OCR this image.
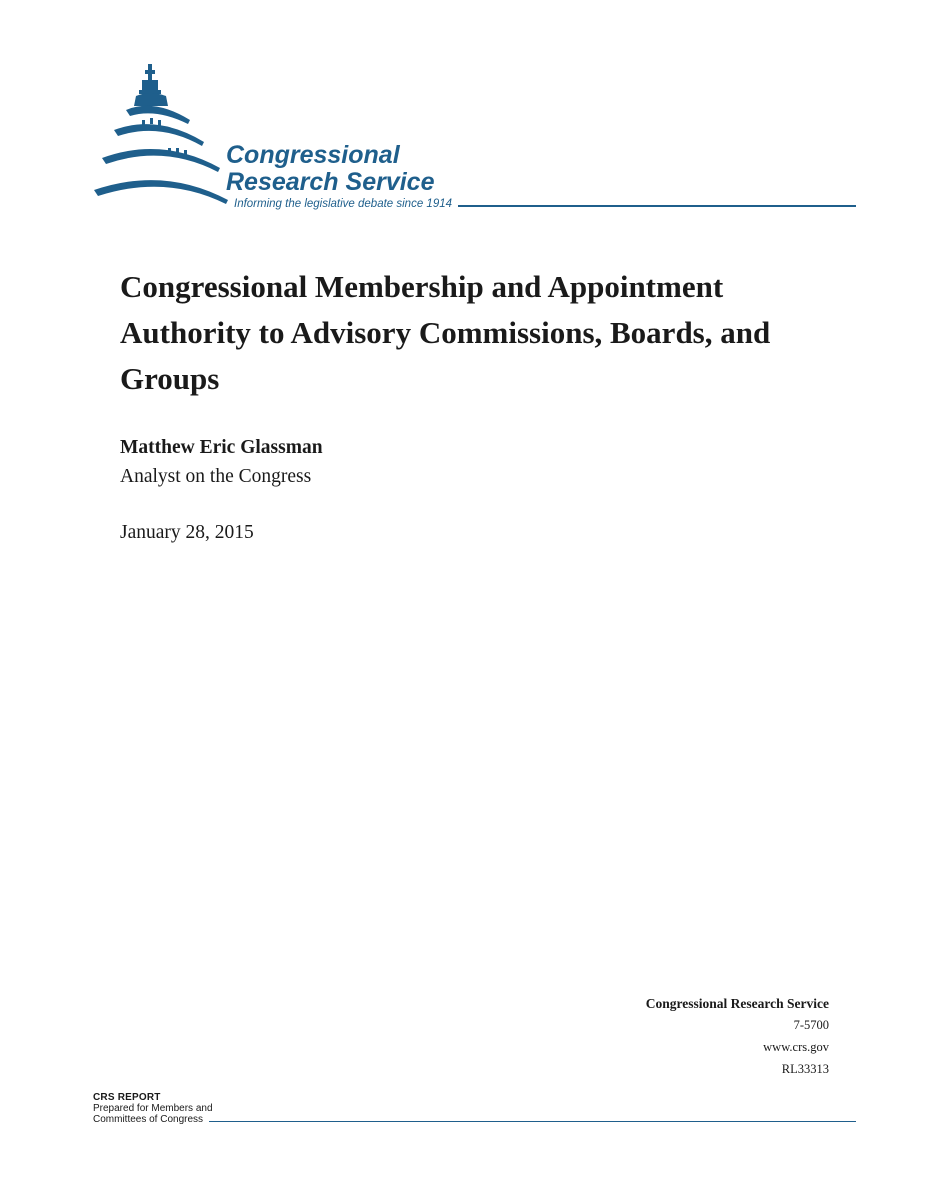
Congressional
Research Service
Informing the legislative debate since 1914
Congressional Membership and Appointment Authority to Advisory Commissions, Boards, and Groups
Matthew Eric Glassman
Analyst on the Congress
January 28, 2015
Congressional Research Service
7-5700
www.crs.gov
RL33313
CRS REPORT
Prepared for Members and
Committees of Congress
